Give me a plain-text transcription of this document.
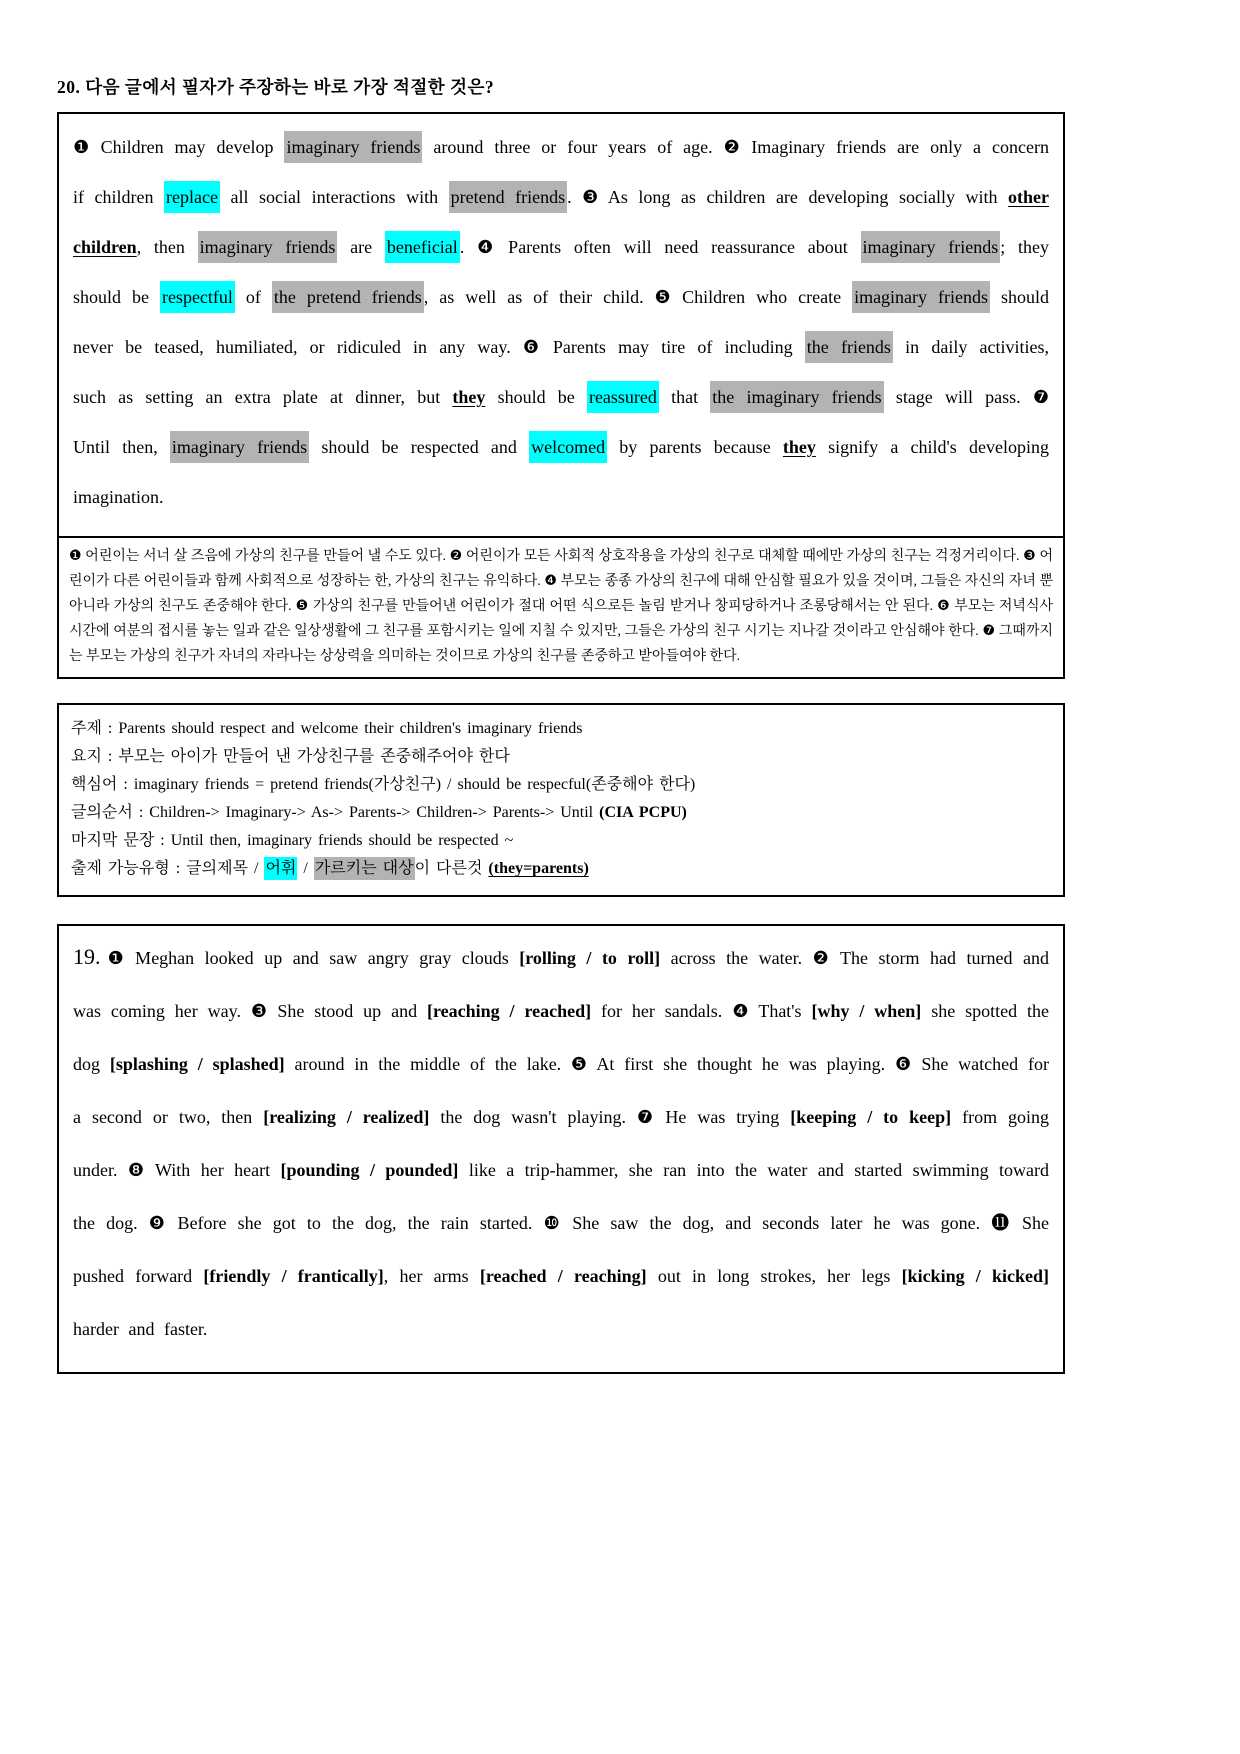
20. 다음 글에서 필자가 주장하는 바로 가장 적절한 것은?

❶ Children may develop imaginary friends around three or four years of age. ❷ Imaginary friends are only a concern if children replace all social interactions with pretend friends . ❸ As long as children are developing socially with other children, then imaginary friends are beneficial . ❹ Parents often will need reassurance about imaginary friends ; they should be respectful of the pretend friends , as well as of their child. ❺ Children who create imaginary friends should never be teased, humiliated, or ridiculed in any way. ❻ Parents may tire of including the friends in daily activities, such as setting an extra plate at dinner, but they should be reassured that the imaginary friends stage will pass. ❼ Until then, imaginary friends should be respected and welcomed by parents because they signify a child's developing imagination.

❶ 어린이는 서너 살 즈음에 가상의 친구를 만들어 낼 수도 있다. ❷ 어린이가 모든 사회적 상호작용을 가상의 친구로 대체할 때에만 가상의 친구는 걱정거리이다. ❸ 어린이가 다른 어린이들과 함께 사회적으로 성장하는 한, 가상의 친구는 유익하다. ❹ 부모는 종종 가상의 친구에 대해 안심할 필요가 있을 것이며, 그들은 자신의 자녀 뿐 아니라 가상의 친구도 존중해야 한다. ❺ 가상의 친구를 만들어낸 어린이가 절대 어떤 식으로든 놀림 받거나 창피당하거나 조롱당해서는 안 된다. ❻ 부모는 저녁식사 시간에 여분의 접시를 놓는 일과 같은 일상생활에 그 친구를 포함시키는 일에 지칠 수 있지만, 그들은 가상의 친구 시기는 지나갈 것이라고 안심해야 한다. ❼ 그때까지는 부모는 가상의 친구가 자녀의 자라나는 상상력을 의미하는 것이므로 가상의 친구를 존중하고 받아들여야 한다.

주제 : Parents should respect and welcome their children's imaginary friends

요지 : 부모는 아이가 만들어 낸 가상친구를 존중해주어야 한다

핵심어 : imaginary friends = pretend friends(가상친구) / should be respecful(존중해야 한다)

글의순서 : Children-> Imaginary-> As-> Parents-> Children-> Parents-> Until (CIA PCPU)

마지막 문장 : Until then, imaginary friends should be respected ~

출제 가능유형 : 글의제목 / 어휘 / 가르키는 대상이 다른것 (they=parents)

19. ❶ Meghan looked up and saw angry gray clouds [rolling / to roll] across the water. ❷ The storm had turned and was coming her way. ❸ She stood up and [reaching / reached] for her sandals. ❹ That's [why / when] she spotted the dog [splashing / splashed] around in the middle of the lake. ❺ At first she thought he was playing. ❻ She watched for a second or two, then [realizing / realized] the dog wasn't playing. ❼ He was trying [keeping / to keep] from going under. ❽ With her heart [pounding / pounded] like a trip-hammer, she ran into the water and started swimming toward the dog. ❾ Before she got to the dog, the rain started. ❿ She saw the dog, and seconds later he was gone. ⓫ She pushed forward [friendly / frantically], her arms [reached / reaching] out in long strokes, her legs [kicking / kicked] harder and faster.
